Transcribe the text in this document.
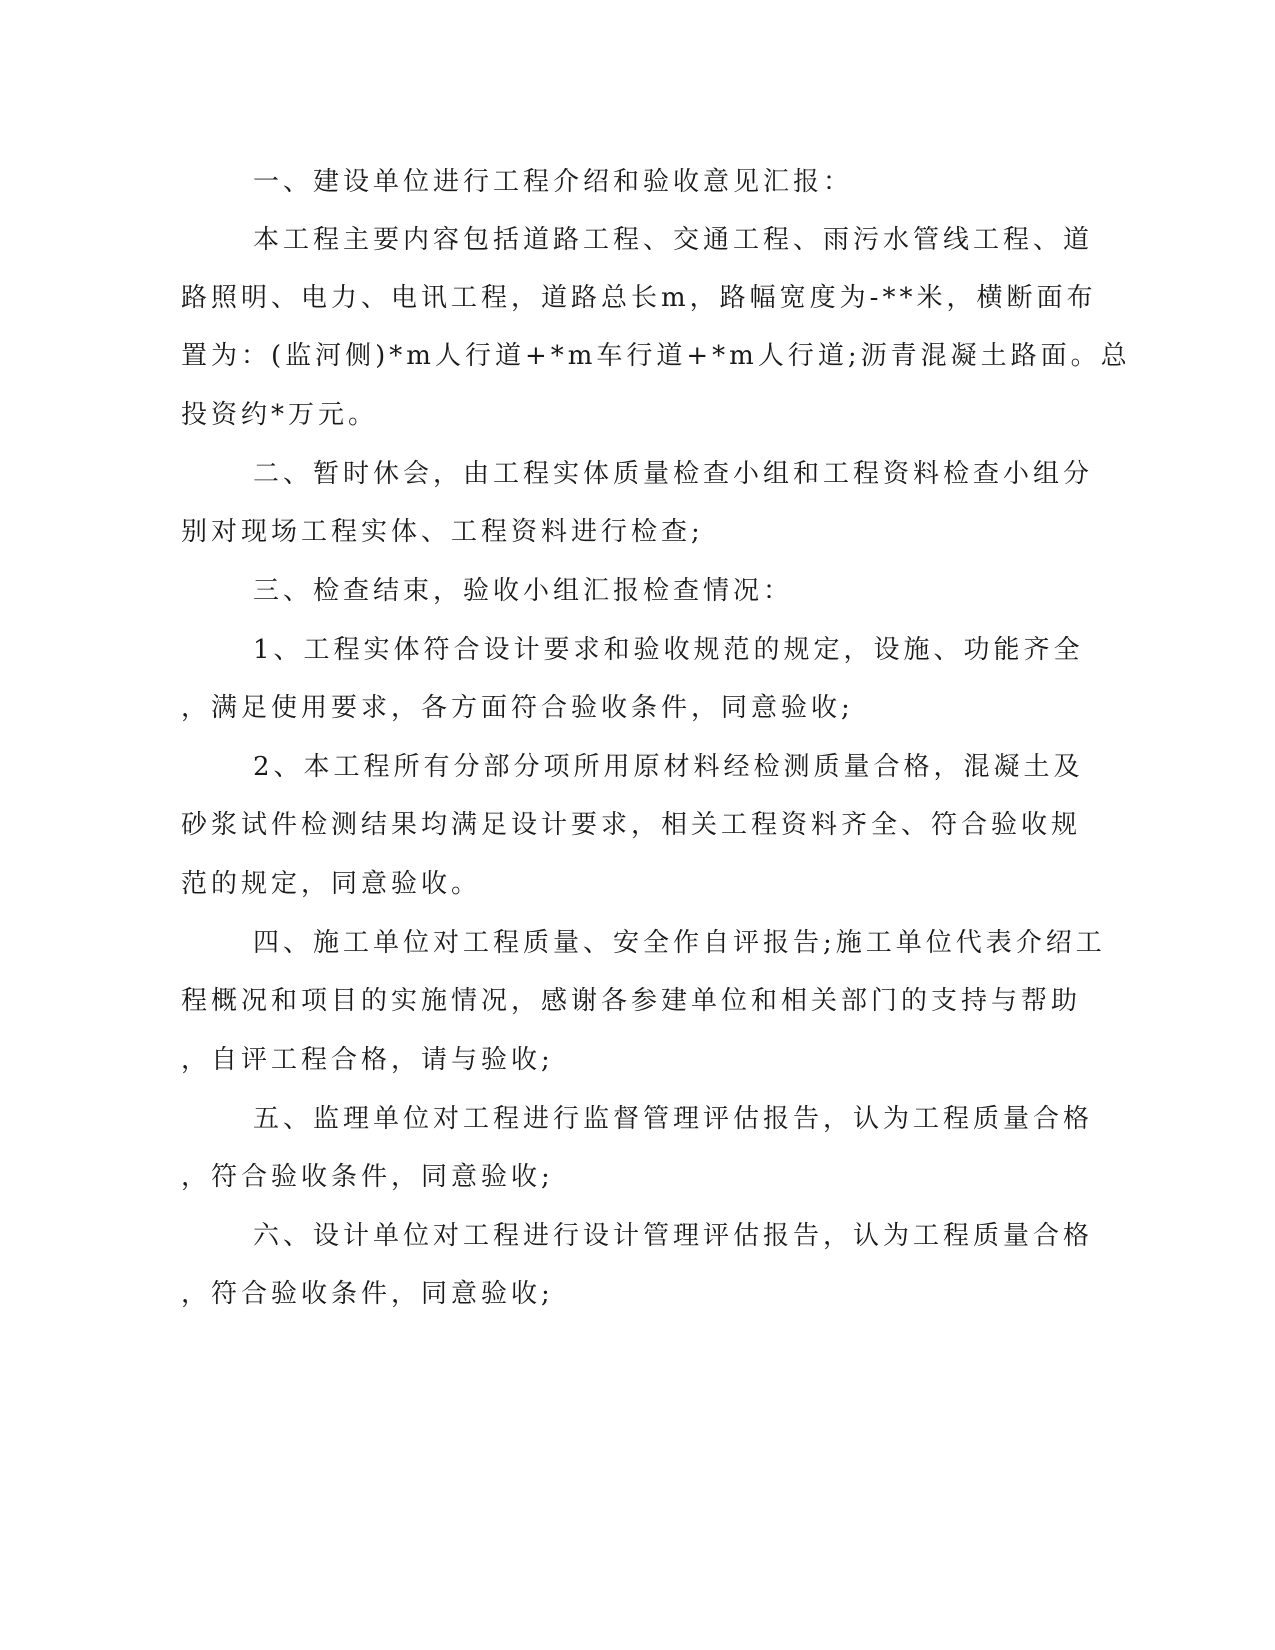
一、建设单位进行工程介绍和验收意见汇报：

本工程主要内容包括道路工程、交通工程、雨污水管线工程、道

路照明、电力、电讯工程，道路总长m，路幅宽度为-**米，横断面布

置为：(监河侧)*m人行道+*m车行道+*m人行道;沥青混凝土路面。总

投资约*万元。

二、暂时休会，由工程实体质量检查小组和工程资料检查小组分

别对现场工程实体、工程资料进行检查;

三、检查结束，验收小组汇报检查情况：

1、工程实体符合设计要求和验收规范的规定，设施、功能齐全

，满足使用要求，各方面符合验收条件，同意验收;

2、本工程所有分部分项所用原材料经检测质量合格，混凝土及

砂浆试件检测结果均满足设计要求，相关工程资料齐全、符合验收规

范的规定，同意验收。

四、施工单位对工程质量、安全作自评报告;施工单位代表介绍工

程概况和项目的实施情况，感谢各参建单位和相关部门的支持与帮助

，自评工程合格，请与验收;

五、监理单位对工程进行监督管理评估报告，认为工程质量合格

，符合验收条件，同意验收;

六、设计单位对工程进行设计管理评估报告，认为工程质量合格

，符合验收条件，同意验收;
